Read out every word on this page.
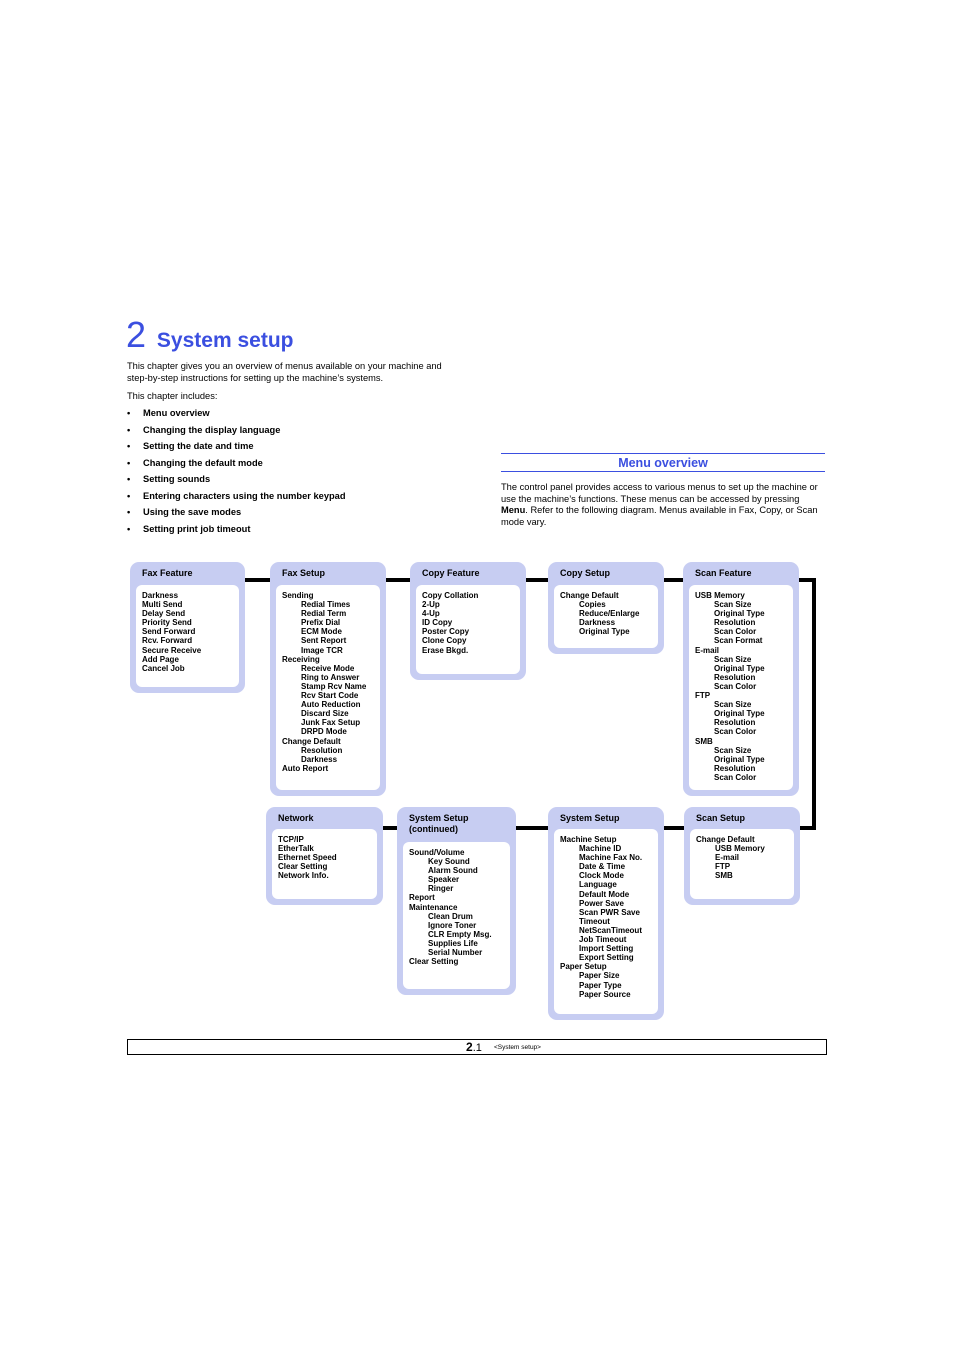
2 System setup

This chapter gives you an overview of menus available on your machine and step-by-step instructions for setting up the machine’s systems.

This chapter includes:

• Menu overview
• Changing the display language
• Setting the date and time
• Changing the default mode
• Setting sounds
• Entering characters using the number keypad
• Using the save modes
• Setting print job timeout
Menu overview

The control panel provides access to various menus to set up the machine or use the machine’s functions. These menus can be accessed by pressing Menu. Refer to the following diagram. Menus available in Fax, Copy, or Scan mode vary.

Fax Feature
Darkness
Multi Send
Delay Send
Priority Send
Send Forward
Rcv. Forward
Secure Receive
Add Page
Cancel Job
Fax Setup
Sending
Redial Times
Redial Term
Prefix Dial
ECM Mode
Sent Report
Image TCR
Receiving
Receive Mode
Ring to Answer
Stamp Rcv Name
Rcv Start Code
Auto Reduction
Discard Size
Junk Fax Setup
DRPD Mode
Change Default
Resolution
Darkness
Auto Report
Copy Feature
Copy Collation
2-Up
4-Up
ID Copy
Poster Copy
Clone Copy
Erase Bkgd.
Copy Setup
Change Default
Copies
Reduce/Enlarge
Darkness
Original Type
Scan Feature
USB Memory
Scan Size
Original Type
Resolution
Scan Color
Scan Format
E-mail
Scan Size
Original Type
Resolution
Scan Color
FTP
Scan Size
Original Type
Resolution
Scan Color
SMB
Scan Size
Original Type
Resolution
Scan Color
Network
TCP/IP
EtherTalk
Ethernet Speed
Clear Setting
Network Info.
System Setup
(continued)
Sound/Volume
Key Sound
Alarm Sound
Speaker
Ringer
Report
Maintenance
Clean Drum
Ignore Toner
CLR Empty Msg.
Supplies Life
Serial Number
Clear Setting
System Setup
Machine Setup
Machine ID
Machine Fax No.
Date & Time
Clock Mode
Language
Default Mode
Power Save
Scan PWR Save
Timeout
NetScanTimeout
Job Timeout
Import Setting
Export Setting
Paper Setup
Paper Size
Paper Type
Paper Source
Scan Setup
Change Default
USB Memory
E-mail
FTP
SMB
2.1 <System setup>
